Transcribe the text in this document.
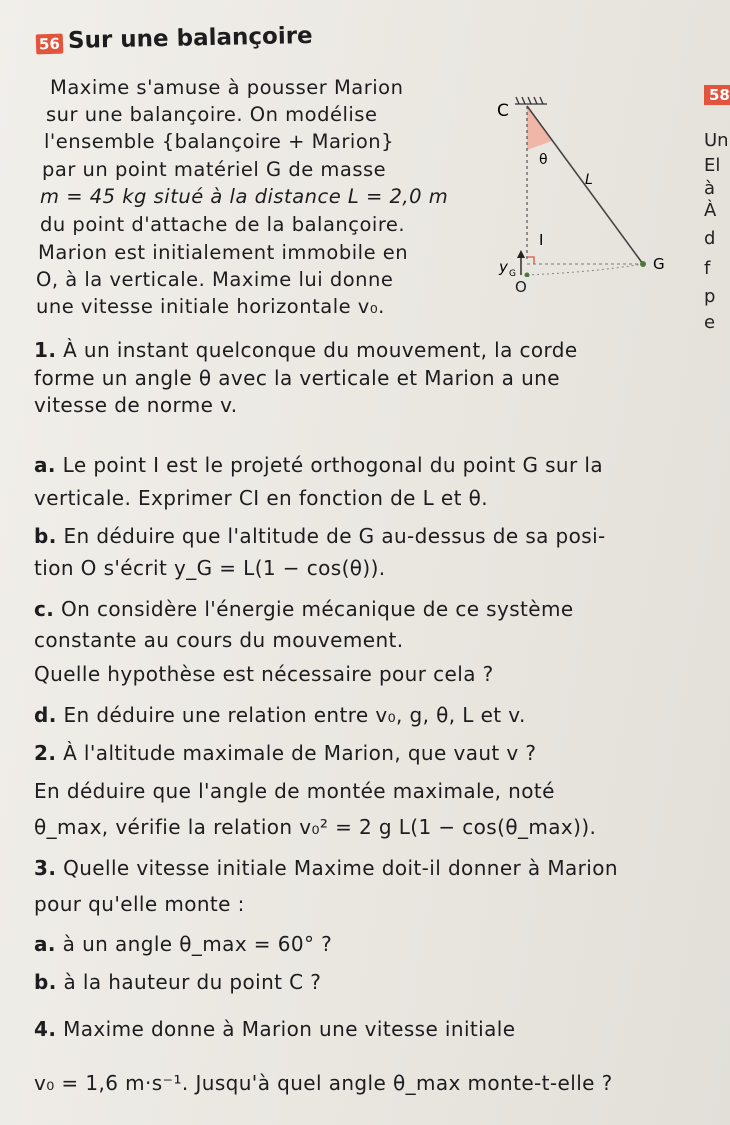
56 Sur une balançoire
Maxime s'amuse à pousser Marion
sur une balançoire. On modélise
l'ensemble {balançoire + Marion}
par un point matériel G de masse
m = 45 kg situé à la distance L = 2,0 m
du point d'attache de la balançoire.
Marion est initialement immobile en
O, à la verticale. Maxime lui donne
une vitesse initiale horizontale v₀.
C
θ
L
I
G
y G
O
58
Un
El
à
À
d
f
p
e
1. À un instant quelconque du mouvement, la corde
forme un angle θ avec la verticale et Marion a une
vitesse de norme v.
a. Le point I est le projeté orthogonal du point G sur la
verticale. Exprimer CI en fonction de L et θ.
b. En déduire que l'altitude de G au-dessus de sa posi-
tion O s'écrit y_G = L(1 − cos(θ)).
c. On considère l'énergie mécanique de ce système
constante au cours du mouvement.
Quelle hypothèse est nécessaire pour cela ?
d. En déduire une relation entre v₀, g, θ, L et v.
2. À l'altitude maximale de Marion, que vaut v ?
En déduire que l'angle de montée maximale, noté
θ_max, vérifie la relation v₀² = 2 g L(1 − cos(θ_max)).
3. Quelle vitesse initiale Maxime doit-il donner à Marion
pour qu'elle monte :
a. à un angle θ_max = 60° ?
b. à la hauteur du point C ?
4. Maxime donne à Marion une vitesse initiale
v₀ = 1,6 m·s⁻¹. Jusqu'à quel angle θ_max monte-t-elle ?
